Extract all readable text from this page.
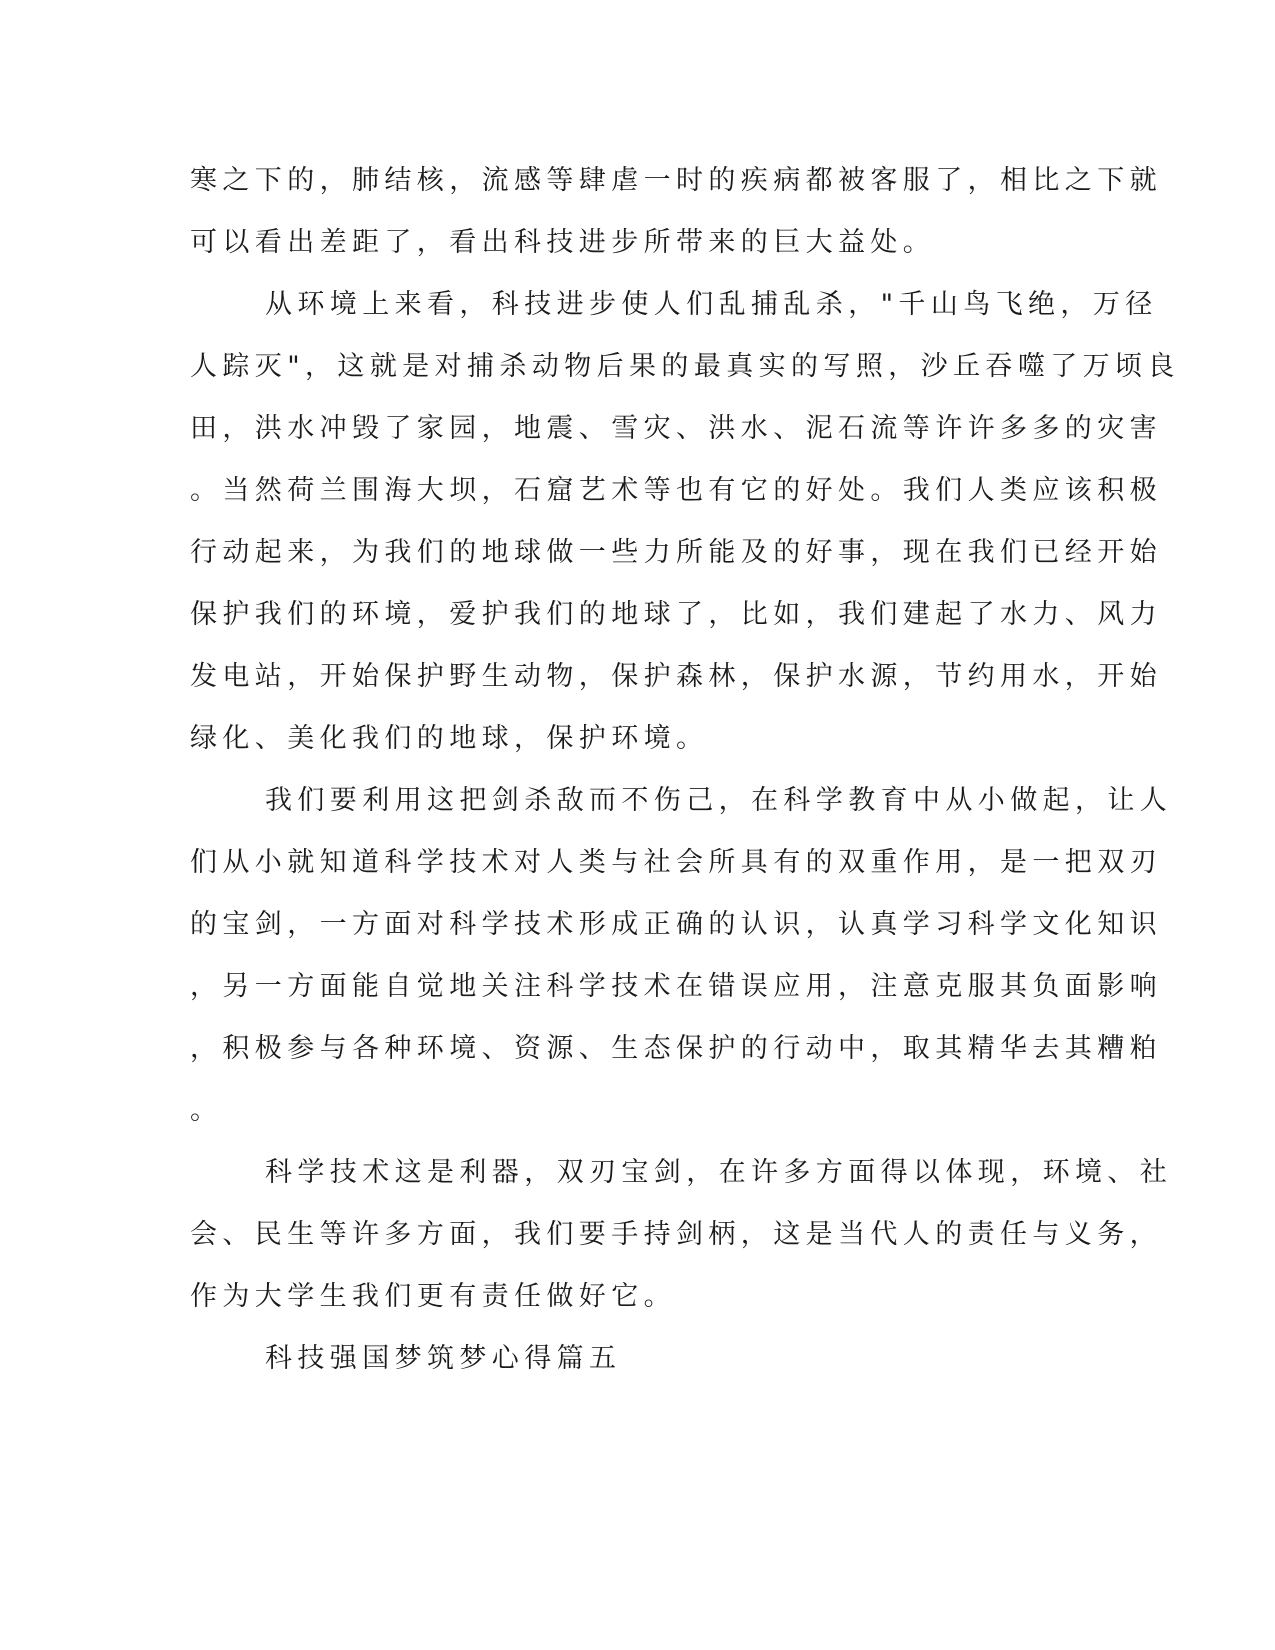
寒之下的，肺结核，流感等肆虐一时的疾病都被客服了，相比之下就
可以看出差距了，看出科技进步所带来的巨大益处。
从环境上来看，科技进步使人们乱捕乱杀，"千山鸟飞绝，万径
人踪灭"，这就是对捕杀动物后果的最真实的写照，沙丘吞噬了万顷良
田，洪水冲毁了家园，地震、雪灾、洪水、泥石流等许许多多的灾害
。当然荷兰围海大坝，石窟艺术等也有它的好处。我们人类应该积极
行动起来，为我们的地球做一些力所能及的好事，现在我们已经开始
保护我们的环境，爱护我们的地球了，比如，我们建起了水力、风力
发电站，开始保护野生动物，保护森林，保护水源，节约用水，开始
绿化、美化我们的地球，保护环境。
我们要利用这把剑杀敌而不伤己，在科学教育中从小做起，让人
们从小就知道科学技术对人类与社会所具有的双重作用，是一把双刃
的宝剑，一方面对科学技术形成正确的认识，认真学习科学文化知识
，另一方面能自觉地关注科学技术在错误应用，注意克服其负面影响
，积极参与各种环境、资源、生态保护的行动中，取其精华去其糟粕
。
科学技术这是利器，双刃宝剑，在许多方面得以体现，环境、社
会、民生等许多方面，我们要手持剑柄，这是当代人的责任与义务，
作为大学生我们更有责任做好它。
科技强国梦筑梦心得篇五
